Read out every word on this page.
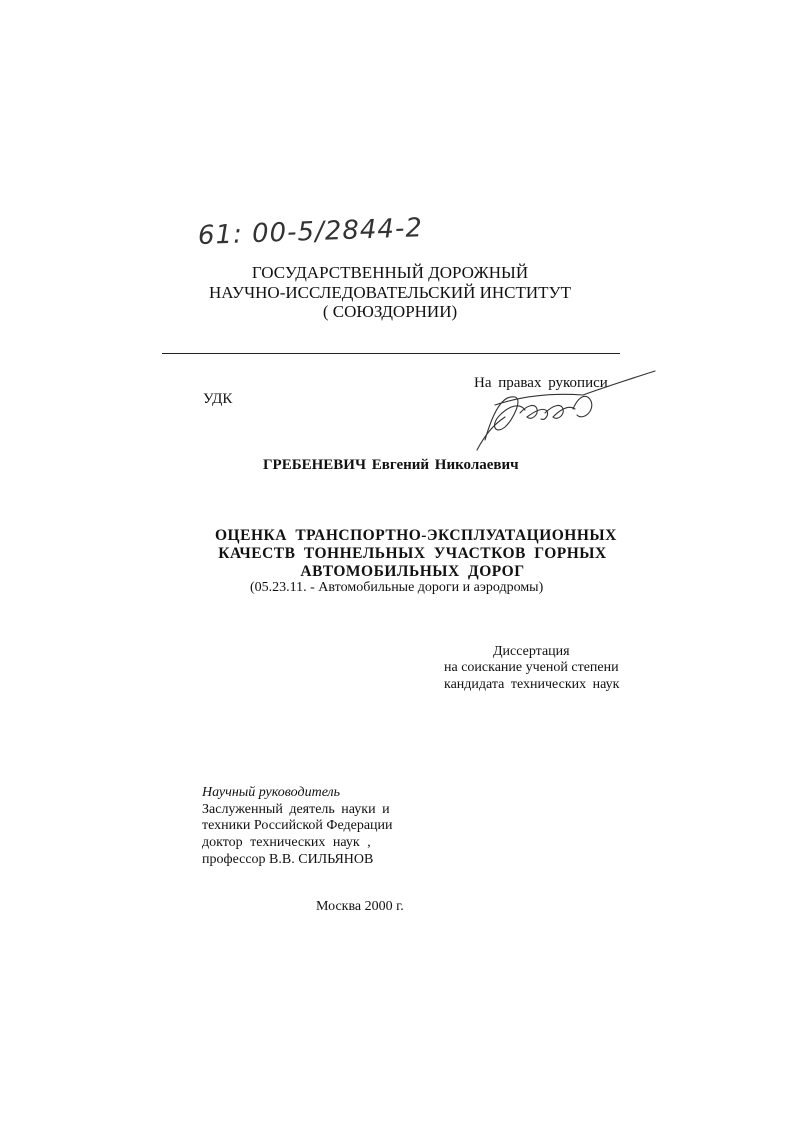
61: 00-5/2844-2
ГОСУДАРСТВЕННЫЙ ДОРОЖНЫЙ
НАУЧНО-ИССЛЕДОВАТЕЛЬСКИЙ ИНСТИТУТ
( СОЮЗДОРНИИ)
На правах рукописи
УДК
ГРЕБЕНЕВИЧ Евгений Николаевич
ОЦЕНКА ТРАНСПОРТНО-ЭКСПЛУАТАЦИОННЫХ
КАЧЕСТВ ТОННЕЛЬНЫХ УЧАСТКОВ ГОРНЫХ
АВТОМОБИЛЬНЫХ ДОРОГ
(05.23.11. - Автомобильные дороги и аэродромы)
Диссертация
на соискание ученой степени
кандидата технических наук
Научный руководитель
Заслуженный деятель науки и
техники Российской Федерации
доктор технических наук ,
профессор В.В. СИЛЬЯНОВ
Москва 2000 г.
